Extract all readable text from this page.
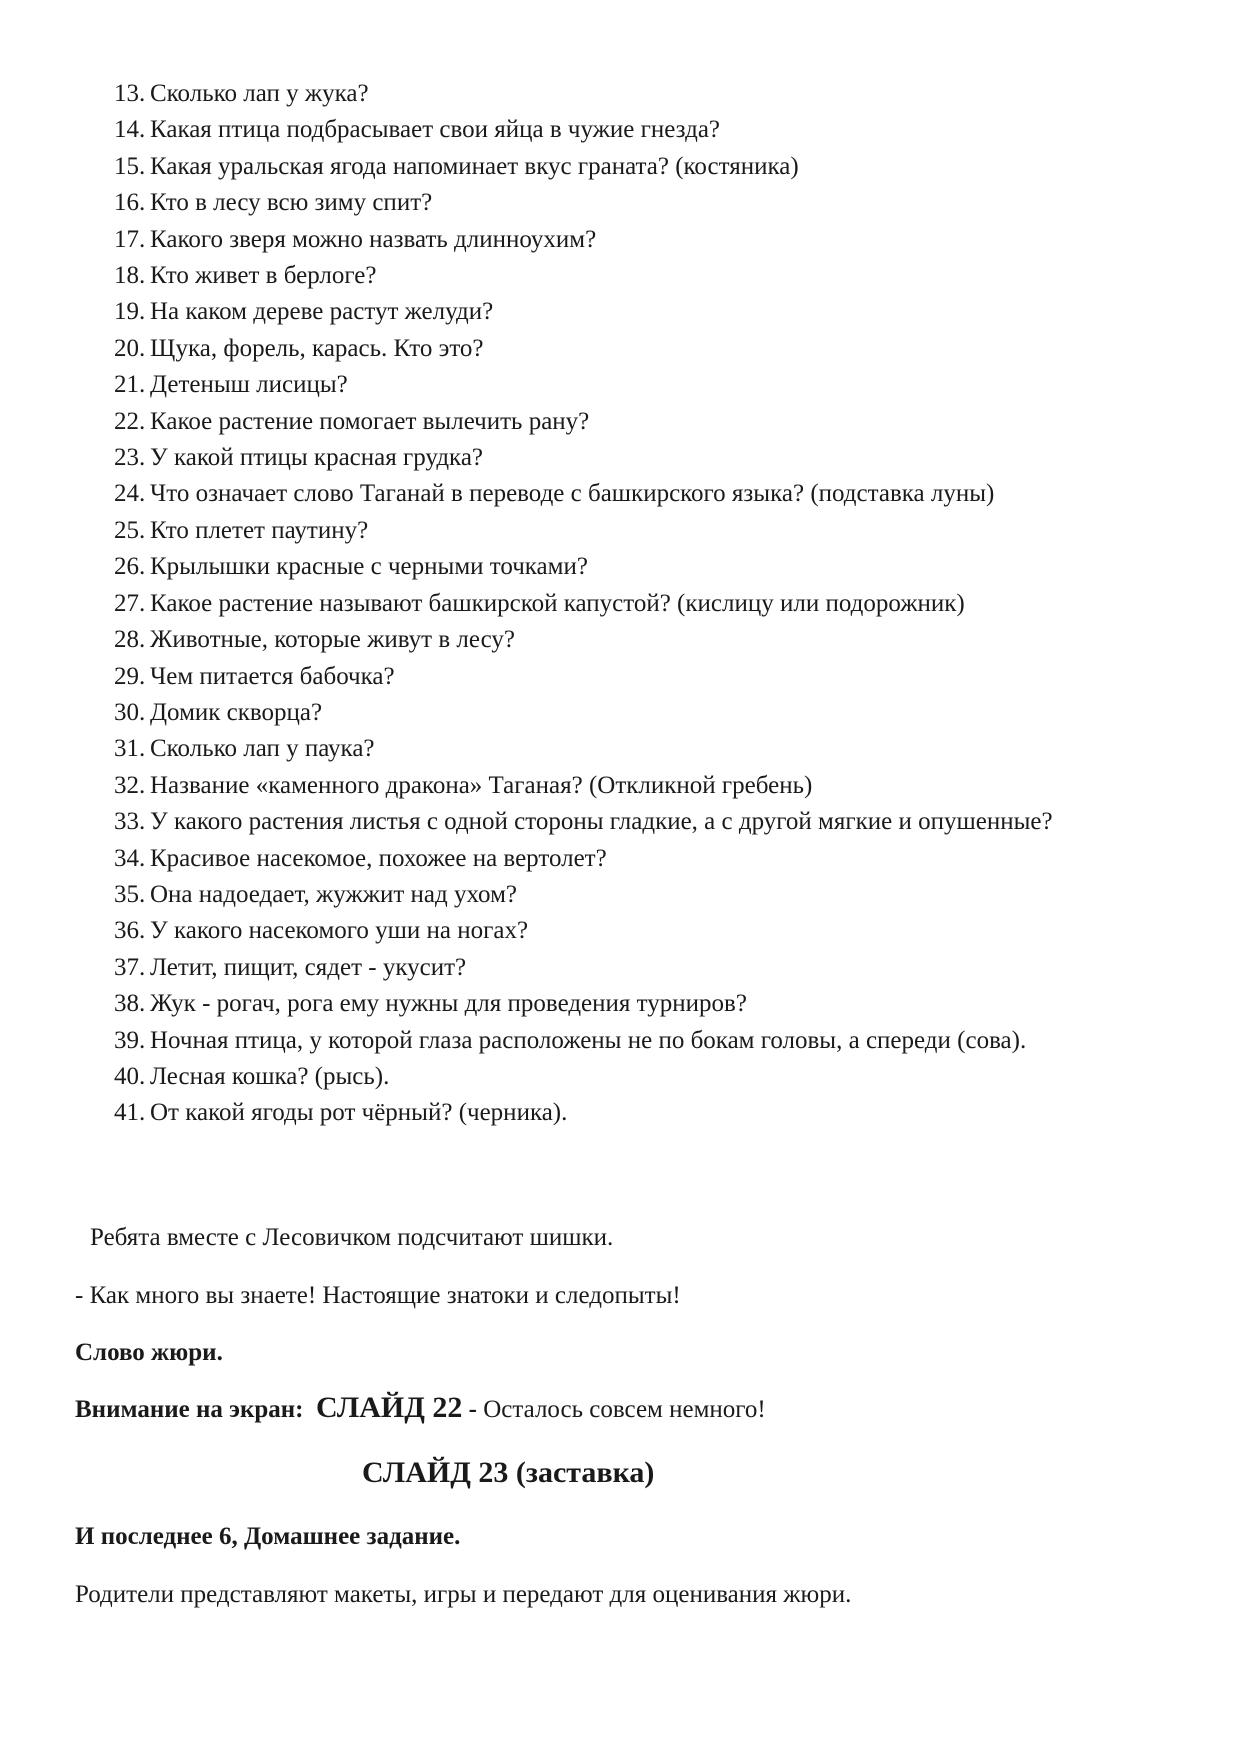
13. Сколько лап у жука?
14. Какая птица подбрасывает свои яйца в чужие гнезда?
15. Какая уральская ягода напоминает вкус граната? (костяника)
16. Кто в лесу всю зиму спит?
17. Какого зверя можно назвать длинноухим?
18. Кто живет в берлоге?
19. На каком дереве растут желуди?
20. Щука, форель, карась. Кто это?
21. Детеныш лисицы?
22. Какое растение помогает вылечить рану?
23. У какой птицы красная грудка?
24. Что означает слово Таганай в переводе с башкирского языка? (подставка луны)
25. Кто плетет паутину?
26. Крылышки красные с черными точками?
27. Какое растение называют башкирской капустой? (кислицу или подорожник)
28. Животные, которые живут в лесу?
29. Чем питается бабочка?
30. Домик скворца?
31. Сколько лап у паука?
32. Название «каменного дракона» Таганая? (Откликной гребень)
33. У какого растения листья с одной стороны гладкие, а с другой мягкие и опушенные?
34. Красивое насекомое, похожее на вертолет?
35. Она надоедает, жужжит над ухом?
36. У какого насекомого уши на ногах?
37. Летит, пищит, сядет - укусит?
38. Жук - рогач, рога ему нужны для проведения турниров?
39. Ночная птица, у которой глаза расположены не по бокам головы, а спереди (сова).
40. Лесная кошка? (рысь).
41. От какой ягоды рот чёрный? (черника).
Ребята вместе с Лесовичком подсчитают шишки.
- Как много вы знаете! Настоящие знатоки и следопыты!
Слово жюри.
Внимание на экран: СЛАЙД 22 - Осталось совсем немного!
СЛАЙД 23 (заставка)
И последнее 6, Домашнее задание.
Родители представляют макеты, игры и передают для оценивания жюри.
